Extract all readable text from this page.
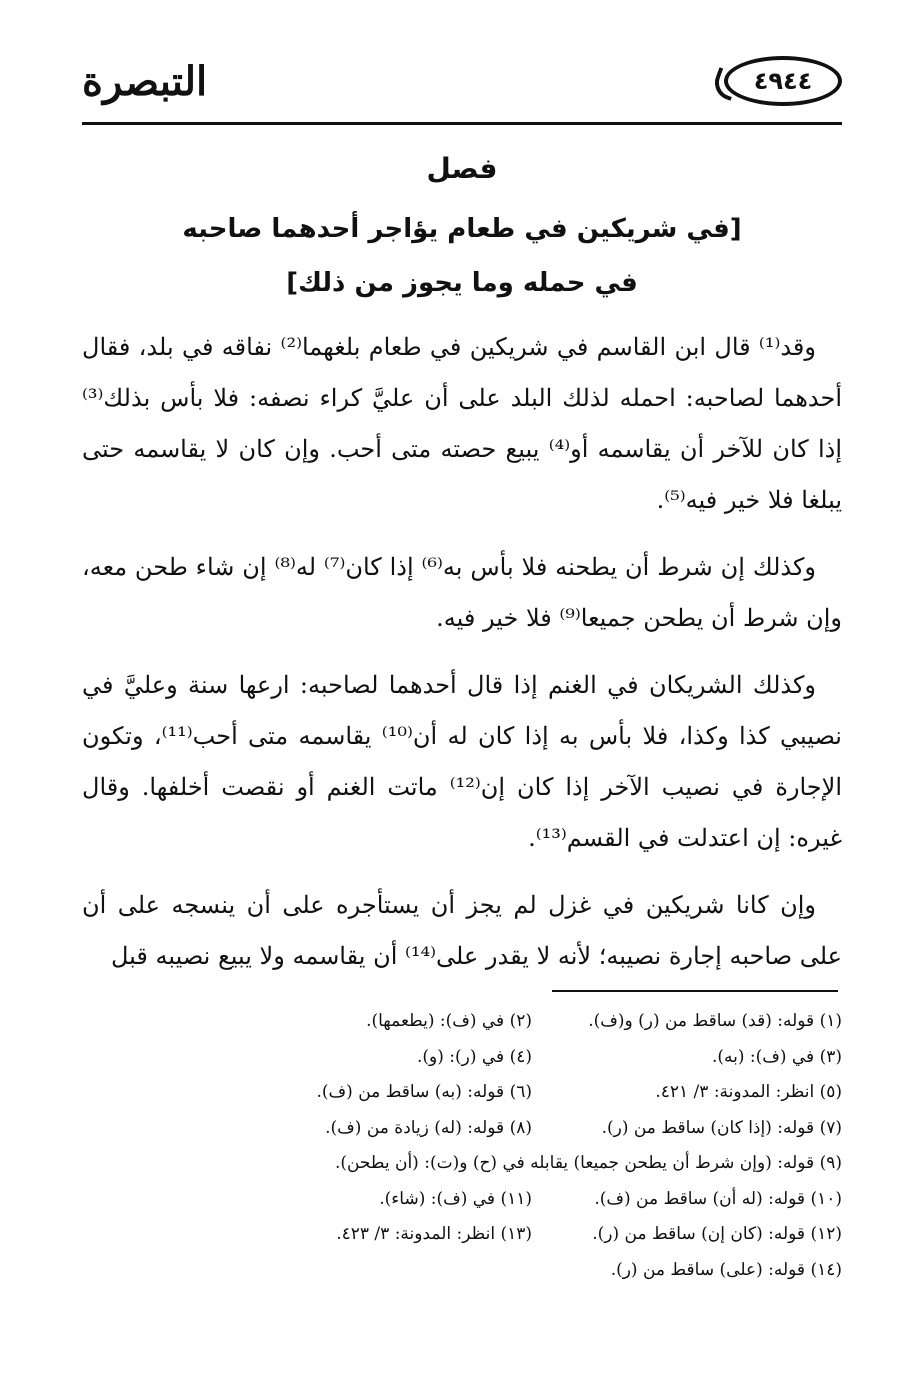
التبصرة	٤٩٤٤
فصل
[في شريكين في طعام يؤاجر أحدهما صاحبه
في حمله وما يجوز من ذلك]

وقد⁽¹⁾ قال ابن القاسم في شريكين في طعام بلغهما⁽²⁾ نفاقه في بلد، فقال أحدهما لصاحبه: احمله لذلك البلد على أن عليَّ كراء نصفه: فلا بأس بذلك⁽³⁾ إذا كان للآخر أن يقاسمه أو⁽⁴⁾ يبيع حصته متى أحب. وإن كان لا يقاسمه حتى يبلغا فلا خير فيه⁽⁵⁾.

وكذلك إن شرط أن يطحنه فلا بأس به⁽⁶⁾ إذا كان⁽⁷⁾ له⁽⁸⁾ إن شاء طحن معه، وإن شرط أن يطحن جميعا⁽⁹⁾ فلا خير فيه.

وكذلك الشريكان في الغنم إذا قال أحدهما لصاحبه: ارعها سنة وعليَّ في نصيبي كذا وكذا، فلا بأس به إذا كان له أن⁽¹⁰⁾ يقاسمه متى أحب⁽¹¹⁾، وتكون الإجارة في نصيب الآخر إذا كان إن⁽¹²⁾ ماتت الغنم أو نقصت أخلفها. وقال غيره: إن اعتدلت في القسم⁽¹³⁾.

وإن كانا شريكين في غزل لم يجز أن يستأجره على أن ينسجه على أن على صاحبه إجارة نصيبه؛ لأنه لا يقدر على⁽¹⁴⁾ أن يقاسمه ولا يبيع نصيبه قبل

(١) قوله: (قد) ساقط من (ر) و(ف).
(٢) في (ف): (يطعمها).
(٣) في (ف): (به).
(٤) في (ر): (و).
(٥) انظر: المدونة: ٣/ ٤٢١.
(٦) قوله: (به) ساقط من (ف).
(٧) قوله: (إذا كان) ساقط من (ر).
(٨) قوله: (له) زيادة من (ف).
(٩) قوله: (وإن شرط أن يطحن جميعا) يقابله في (ح) و(ت): (أن يطحن).
(١٠) قوله: (له أن) ساقط من (ف).
(١١) في (ف): (شاء).
(١٢) قوله: (كان إن) ساقط من (ر).
(١٣) انظر: المدونة: ٣/ ٤٢٣.
(١٤) قوله: (على) ساقط من (ر).
